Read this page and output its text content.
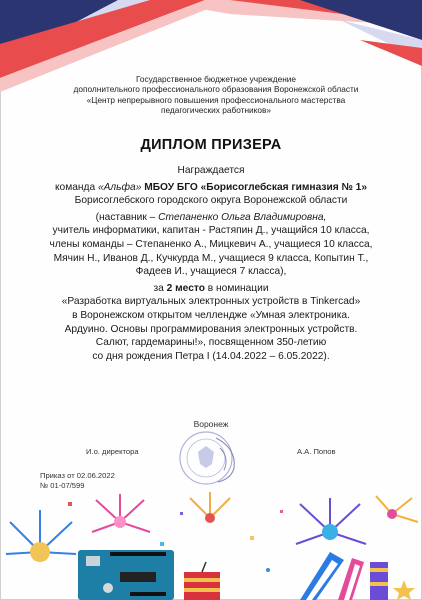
Государственное бюджетное учреждение
дополнительного профессионального образования Воронежской области
«Центр непрерывного повышения профессионального мастерства
педагогических работников»
ДИПЛОМ ПРИЗЕРА
Награждается
команда «Альфа» МБОУ БГО «Борисоглебская гимназия № 1»
Борисоглебского городского округа Воронежской области
(наставник – Степаненко Ольга Владимировна,
учитель информатики, капитан - Растяпин Д., учащийся 10 класса,
члены команды – Степаненко А., Мицкевич А., учащиеся 10 класса,
Мячин Н., Иванов Д., Кучкурда М., учащиеся 9 класса, Копытин Т.,
Фадеев И., учащиеся 7 класса),
за 2 место в номинации
«Разработка виртуальных электронных устройств в Tinkercad»
в Воронежском открытом челлендже «Умная электроника.
Ардуино. Основы программирования электронных устройств.
Салют, гардемарины!», посвященном 350-летию
со дня рождения Петра I (14.04.2022 – 6.05.2022).
Воронеж
И.о. директора	А.А. Попов
Приказ от 02.06.2022
№ 01-07/599
